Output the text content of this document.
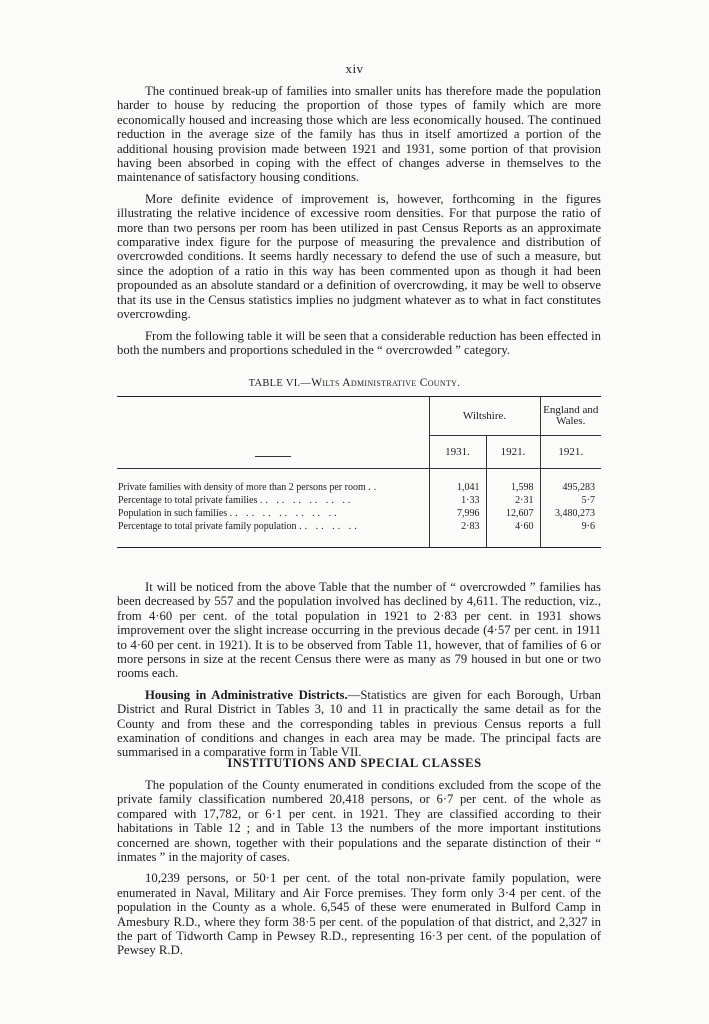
xiv

The continued break-up of families into smaller units has therefore made the population harder to house by reducing the proportion of those types of family which are more economically housed and increasing those which are less economically housed. The continued reduction in the average size of the family has thus in itself amortized a portion of the additional housing provision made between 1921 and 1931, some portion of that provision having been absorbed in coping with the effect of changes adverse in themselves to the maintenance of satisfactory housing conditions.

More definite evidence of improvement is, however, forthcoming in the figures illustrating the relative incidence of excessive room densities. For that purpose the ratio of more than two persons per room has been utilized in past Census Reports as an approximate comparative index figure for the purpose of measuring the prevalence and distribution of overcrowded conditions. It seems hardly necessary to defend the use of such a measure, but since the adoption of a ratio in this way has been commented upon as though it had been propounded as an absolute standard or a definition of overcrowding, it may be well to observe that its use in the Census statistics implies no judgment whatever as to what in fact constitutes overcrowding.

From the following table it will be seen that a considerable reduction has been effected in both the numbers and proportions scheduled in the “ overcrowded ” category.

TABLE VI.—Wilts Administrative County.
	Wiltshire.		England and Wales.
	1931.	1921.	1921.

Private families with density of more than 2 persons per room ..	1,041	1,598	495,283
Percentage to total private families .. .. .. .. .. ..	1·33	2·31	5·7
Population in such families .. .. .. .. .. .. ..	7,996	12,607	3,480,273
Percentage to total private family population .. .. .. ..	2·83	4·60	9·6

It will be noticed from the above Table that the number of “ overcrowded ” families has been decreased by 557 and the population involved has declined by 4,611. The reduction, viz., from 4·60 per cent. of the total population in 1921 to 2·83 per cent. in 1931 shows improvement over the slight increase occurring in the previous decade (4·57 per cent. in 1911 to 4·60 per cent. in 1921). It is to be observed from Table 11, however, that of families of 6 or more persons in size at the recent Census there were as many as 79 housed in but one or two rooms each.

Housing in Administrative Districts.—Statistics are given for each Borough, Urban District and Rural District in Tables 3, 10 and 11 in practically the same detail as for the County and from these and the corresponding tables in previous Census reports a full examination of conditions and changes in each area may be made. The principal facts are summarised in a comparative form in Table VII.

INSTITUTIONS AND SPECIAL CLASSES

The population of the County enumerated in conditions excluded from the scope of the private family classification numbered 20,418 persons, or 6·7 per cent. of the whole as compared with 17,782, or 6·1 per cent. in 1921. They are classified according to their habitations in Table 12 ; and in Table 13 the numbers of the more important institutions concerned are shown, together with their populations and the separate distinction of their “ inmates ” in the majority of cases.

10,239 persons, or 50·1 per cent. of the total non-private family population, were enumerated in Naval, Military and Air Force premises. They form only 3·4 per cent. of the population in the County as a whole. 6,545 of these were enumerated in Bulford Camp in Amesbury R.D., where they form 38·5 per cent. of the population of that district, and 2,327 in the part of Tidworth Camp in Pewsey R.D., representing 16·3 per cent. of the population of Pewsey R.D.
